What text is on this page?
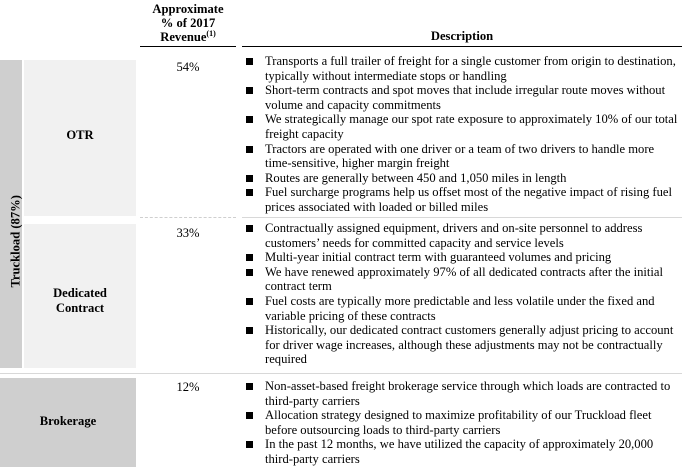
Approximate
% of 2017
Revenue$^{(1)}$	Description
Truckload (87%)
OTR
54%	Transports a full trailer of freight for a single customer from origin to destination, typically without intermediate stops or handling
Short-term contracts and spot moves that include irregular route moves without volume and capacity commitments
We strategically manage our spot rate exposure to approximately 10% of our total freight capacity
Tractors are operated with one driver or a team of two drivers to handle more time-sensitive, higher margin freight
Routes are generally between 450 and 1,050 miles in length
Fuel surcharge programs help us offset most of the negative impact of rising fuel prices associated with loaded or billed miles
Dedicated
Contract
33%	Contractually assigned equipment, drivers and on-site personnel to address customers’ needs for committed capacity and service levels
Multi-year initial contract term with guaranteed volumes and pricing
We have renewed approximately 97% of all dedicated contracts after the initial contract term
Fuel costs are typically more predictable and less volatile under the fixed and variable pricing of these contracts
Historically, our dedicated contract customers generally adjust pricing to account for driver wage increases, although these adjustments may not be contractually required
Brokerage
12%	Non-asset-based freight brokerage service through which loads are contracted to third-party carriers
Allocation strategy designed to maximize profitability of our Truckload fleet before outsourcing loads to third-party carriers
In the past 12 months, we have utilized the capacity of approximately 20,000 third-party carriers
